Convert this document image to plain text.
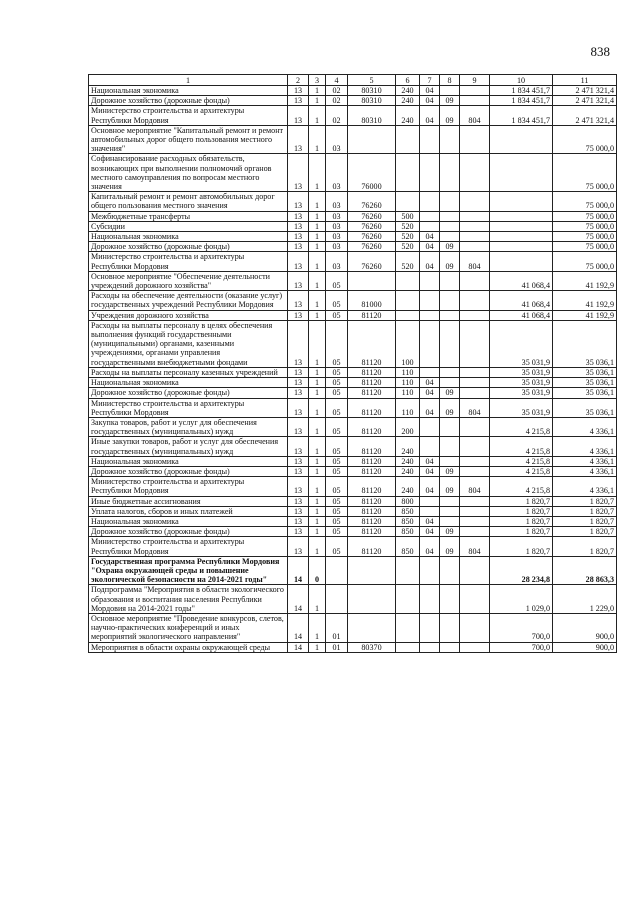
838
1	2	3	4	5	6	7	8	9	10	11
Национальная экономика	13	1	02	80310	240	04			1 834 451,7	2 471 321,4
Дорожное хозяйство (дорожные фонды)	13	1	02	80310	240	04	09		1 834 451,7	2 471 321,4
Министерство строительства и архитектуры Республики Мордовия	13	1	02	80310	240	04	09	804	1 834 451,7	2 471 321,4
Основное мероприятие "Капитальный ремонт и ремонт автомобильных дорог общего пользования местного значения"	13	1	03							75 000,0
Софинансирование расходных обязательств, возникающих при выполнении полномочий органов местного самоуправления по вопросам местного значения	13	1	03	76000						75 000,0
Капитальный ремонт и ремонт автомобильных дорог общего пользования местного значения	13	1	03	76260						75 000,0
Межбюджетные трансферты	13	1	03	76260	500					75 000,0
Субсидии	13	1	03	76260	520					75 000,0
Национальная экономика	13	1	03	76260	520	04				75 000,0
Дорожное хозяйство (дорожные фонды)	13	1	03	76260	520	04	09			75 000,0
Министерство строительства и архитектуры Республики Мордовия	13	1	03	76260	520	04	09	804		75 000,0
Основное мероприятие "Обеспечение деятельности учреждений дорожного хозяйства"	13	1	05						41 068,4	41 192,9
Расходы на обеспечение деятельности (оказание услуг) государственных учреждений Республики Мордовия	13	1	05	81000					41 068,4	41 192,9
Учреждения дорожного хозяйства	13	1	05	81120					41 068,4	41 192,9
Расходы на выплаты персоналу в целях обеспечения выполнения функций государственными (муниципальными) органами, казенными учреждениями, органами управления государственными внебюджетными фондами	13	1	05	81120	100				35 031,9	35 036,1
Расходы на выплаты персоналу казенных учреждений	13	1	05	81120	110				35 031,9	35 036,1
Национальная экономика	13	1	05	81120	110	04			35 031,9	35 036,1
Дорожное хозяйство (дорожные фонды)	13	1	05	81120	110	04	09		35 031,9	35 036,1
Министерство строительства и архитектуры Республики Мордовия	13	1	05	81120	110	04	09	804	35 031,9	35 036,1
Закупка товаров, работ и услуг для обеспечения государственных (муниципальных) нужд	13	1	05	81120	200				4 215,8	4 336,1
Иные закупки товаров, работ и услуг для обеспечения государственных (муниципальных) нужд	13	1	05	81120	240				4 215,8	4 336,1
Национальная экономика	13	1	05	81120	240	04			4 215,8	4 336,1
Дорожное хозяйство (дорожные фонды)	13	1	05	81120	240	04	09		4 215,8	4 336,1
Министерство строительства и архитектуры Республики Мордовия	13	1	05	81120	240	04	09	804	4 215,8	4 336,1
Иные бюджетные ассигнования	13	1	05	81120	800				1 820,7	1 820,7
Уплата налогов, сборов и иных платежей	13	1	05	81120	850				1 820,7	1 820,7
Национальная экономика	13	1	05	81120	850	04			1 820,7	1 820,7
Дорожное хозяйство (дорожные фонды)	13	1	05	81120	850	04	09		1 820,7	1 820,7
Министерство строительства и архитектуры Республики Мордовия	13	1	05	81120	850	04	09	804	1 820,7	1 820,7
Государственная программа Республики Мордовия "Охрана окружающей среды и повышение экологической безопасности на 2014-2021 годы"	14	0							28 234,8	28 863,3
Подпрограмма "Мероприятия в области экологического образования и воспитания населения Республики Мордовия на 2014-2021 годы"	14	1							1 029,0	1 229,0
Основное мероприятие "Проведение конкурсов, слетов, научно-практических конференций и иных мероприятий экологического направления"	14	1	01						700,0	900,0
Мероприятия в области охраны окружающей среды	14	1	01	80370					700,0	900,0
